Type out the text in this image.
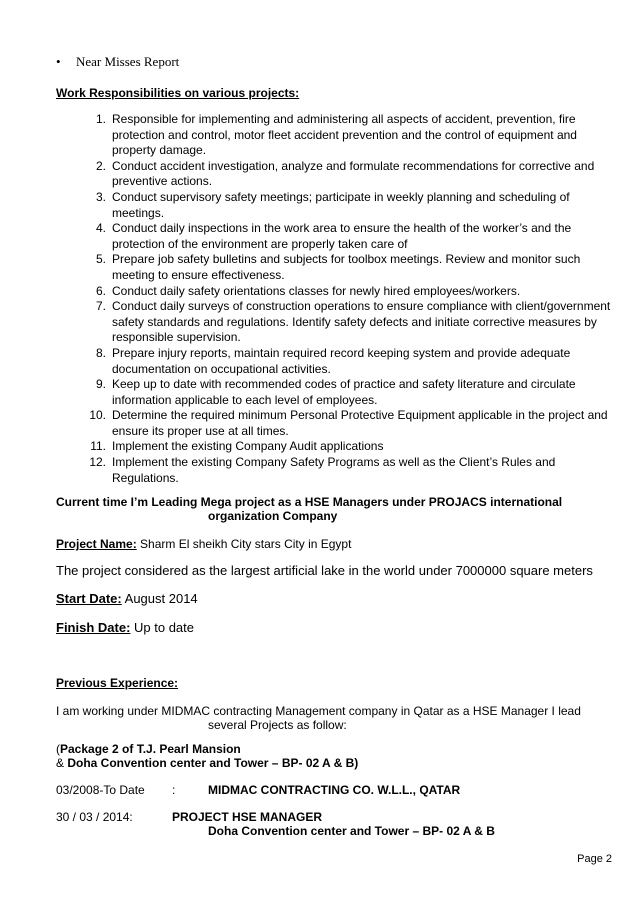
• Near Misses Report
Work Responsibilities on various projects:
1. Responsible for implementing and administering all aspects of accident, prevention, fire protection and control, motor fleet accident prevention and the control of equipment and property damage.
2. Conduct accident investigation, analyze and formulate recommendations for corrective and preventive actions.
3. Conduct supervisory safety meetings; participate in weekly planning and scheduling of meetings.
4. Conduct daily inspections in the work area to ensure the health of the worker’s and the protection of the environment are properly taken care of
5. Prepare job safety bulletins and subjects for toolbox meetings. Review and monitor such meeting to ensure effectiveness.
6. Conduct daily safety orientations classes for newly hired employees/workers.
7. Conduct daily surveys of construction operations to ensure compliance with client/government safety standards and regulations. Identify safety defects and initiate corrective measures by responsible supervision.
8. Prepare injury reports, maintain required record keeping system and provide adequate documentation on occupational activities.
9. Keep up to date with recommended codes of practice and safety literature and circulate information applicable to each level of employees.
10. Determine the required minimum Personal Protective Equipment applicable in the project and ensure its proper use at all times.
11. Implement the existing Company Audit applications
12. Implement the existing Company Safety Programs as well as the Client’s Rules and Regulations.
Current time I’m Leading Mega project as a HSE Managers under PROJACS international
organization Company
Project Name: Sharm El sheikh City stars City in Egypt
The project considered as the largest artificial lake in the world under 7000000 square meters
Start Date: August 2014
Finish Date: Up to date
Previous Experience:
I am working under MIDMAC contracting Management company in Qatar as a HSE Manager I lead
several Projects as follow:
(Package 2 of T.J. Pearl Mansion
& Doha Convention center and Tower – BP- 02 A & B)
03/2008-To Date :	MIDMAC CONTRACTING CO. W.L.L., QATAR
30 / 03 / 2014:	PROJECT HSE MANAGER
Doha Convention center and Tower – BP- 02 A & B
Page 2
